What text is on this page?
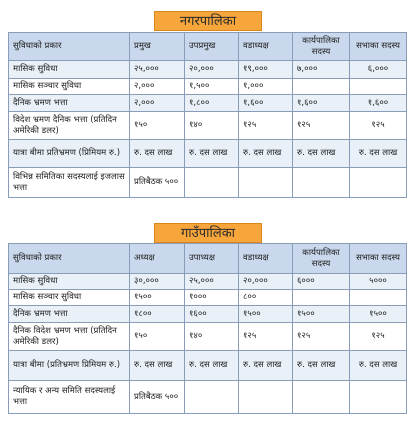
नगरपालिका
सुविधाको प्रकार	प्रमुख	उपप्रमुख	वडाध्यक्ष	कार्यपालिका सदस्य	सभाका सदस्य
मासिक सुविधा	२५,०००	२०,०००	१९,०००	७,०००	६,०००
मासिक सञ्चार सुविधा	२,०००	१,५००	१,०००		
दैनिक भ्रमण भत्ता	२,०००	१,८००	१,६००	१,६००	१,६००
विदेश भ्रमण दैनिक भत्ता (प्रतिदिन अमेरिकी डलर)	१५०	१४०	१२५	१२५	१२५
यात्रा बीमा प्रतिभ्रमण (प्रिमियम रु.)	रु. दस लाख	रु. दस लाख	रु. दस लाख	रु. दस लाख	रु. दस लाख
विभिन्न समितिका सदस्यलाई इजलास भत्ता	प्रतिबैठक ५००				
गाउँपालिका
सुविधाको प्रकार	अध्यक्ष	उपाध्यक्ष	वडाध्यक्ष	कार्यपालिका सदस्य	सभाका सदस्य
मासिक सुविधा	३०,०००	२५,०००	२०,०००	६०००	५०००
मासिक सञ्चार सुविधा	१५००	१०००	८००		
दैनिक भ्रमण भत्ता	१८००	१६००	१५००	१५००	१५००
दैनिक विदेश भ्रमण भत्ता (प्रतिदिन अमेरिकी डलर)	१५०	१४०	१२५	१२५	१२५
यात्रा बीमा (प्रतिभ्रमण प्रिमियम रु.)	रु. दस लाख	रु. दस लाख	रु. दस लाख	रु. दस लाख	रु. दस लाख
न्यायिक र अन्य समिति सदस्यलाई भत्ता	प्रतिबैठक ५००				
